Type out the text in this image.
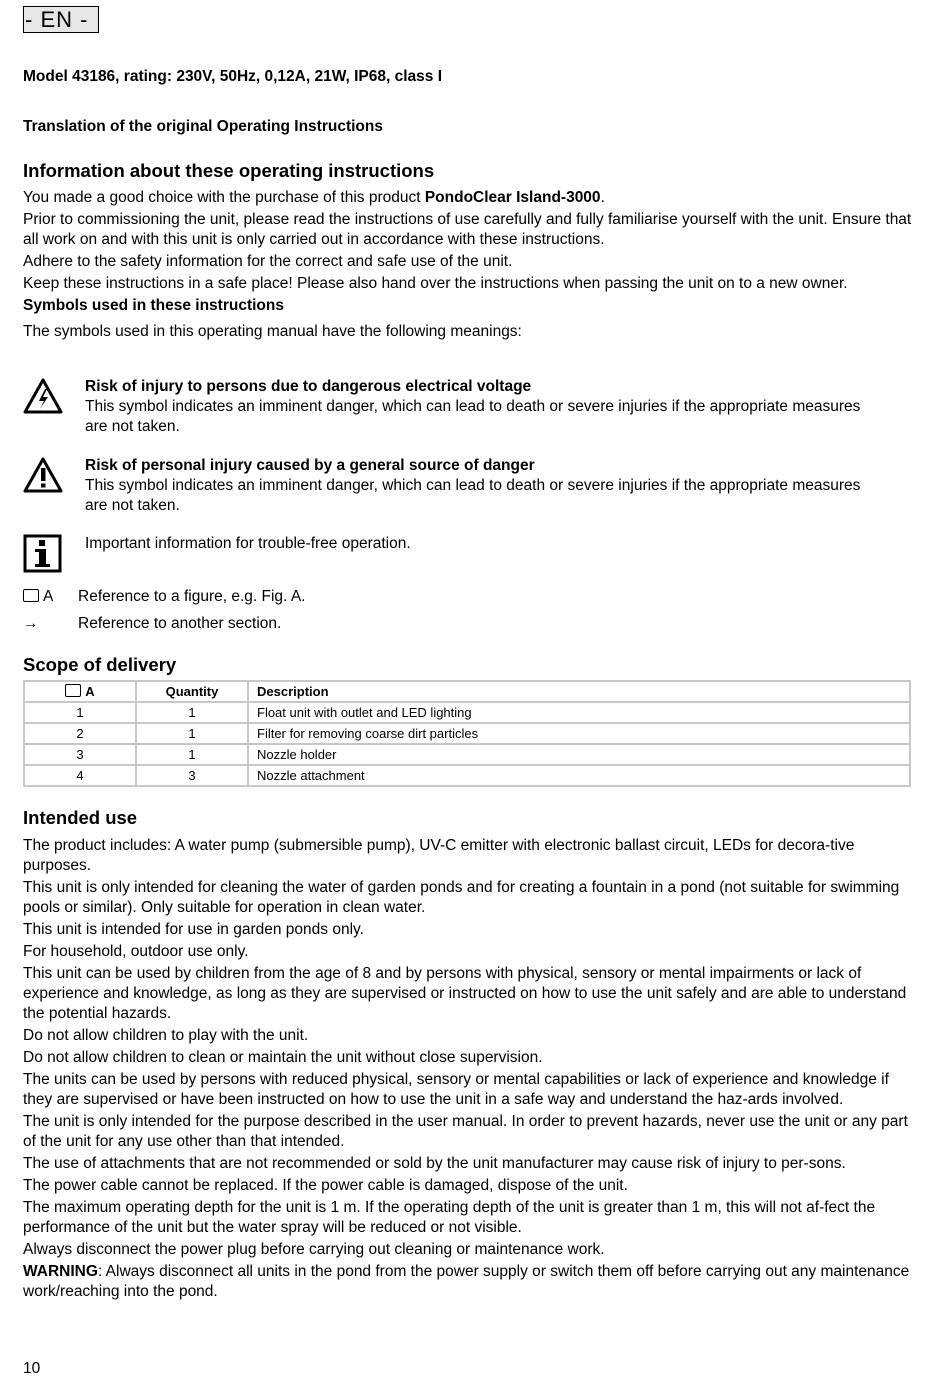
- EN -
Model 43186, rating: 230V, 50Hz, 0,12A, 21W, IP68, class I
Translation of the original Operating Instructions
Information about these operating instructions

You made a good choice with the purchase of this product PondoClear Island-3000.

Prior to commissioning the unit, please read the instructions of use carefully and fully familiarise yourself with the unit. Ensure that all work on and with this unit is only carried out in accordance with these instructions.

Adhere to the safety information for the correct and safe use of the unit.

Keep these instructions in a safe place! Please also hand over the instructions when passing the unit on to a new owner.

Symbols used in these instructions

The symbols used in this operating manual have the following meanings:

Risk of injury to persons due to dangerous electrical voltage
This symbol indicates an imminent danger, which can lead to death or severe injuries if the appropriate measures are not taken.
Risk of personal injury caused by a general source of danger
This symbol indicates an imminent danger, which can lead to death or severe injuries if the appropriate measures are not taken.
Important information for trouble-free operation.
A	Reference to a figure, e.g. Fig. A.
→	Reference to another section.
Scope of delivery
A	Quantity	Description
1	1	Float unit with outlet and LED lighting
2	1	Filter for removing coarse dirt particles
3	1	Nozzle holder
4	3	Nozzle attachment
Intended use

The product includes: A water pump (submersible pump), UV-C emitter with electronic ballast circuit, LEDs for decora-tive purposes.

This unit is only intended for cleaning the water of garden ponds and for creating a fountain in a pond (not suitable for swimming pools or similar). Only suitable for operation in clean water.

This unit is intended for use in garden ponds only.

For household, outdoor use only.

This unit can be used by children from the age of 8 and by persons with physical, sensory or mental impairments or lack of experience and knowledge, as long as they are supervised or instructed on how to use the unit safely and are able to understand the potential hazards.

Do not allow children to play with the unit.

Do not allow children to clean or maintain the unit without close supervision.

The units can be used by persons with reduced physical, sensory or mental capabilities or lack of experience and knowledge if they are supervised or have been instructed on how to use the unit in a safe way and understand the haz-ards involved.

The unit is only intended for the purpose described in the user manual. In order to prevent hazards, never use the unit or any part of the unit for any use other than that intended.

The use of attachments that are not recommended or sold by the unit manufacturer may cause risk of injury to per-sons.

The power cable cannot be replaced. If the power cable is damaged, dispose of the unit.

The maximum operating depth for the unit is 1 m. If the operating depth of the unit is greater than 1 m, this will not af-fect the performance of the unit but the water spray will be reduced or not visible.

Always disconnect the power plug before carrying out cleaning or maintenance work.

WARNING: Always disconnect all units in the pond from the power supply or switch them off before carrying out any maintenance work/reaching into the pond.

10
